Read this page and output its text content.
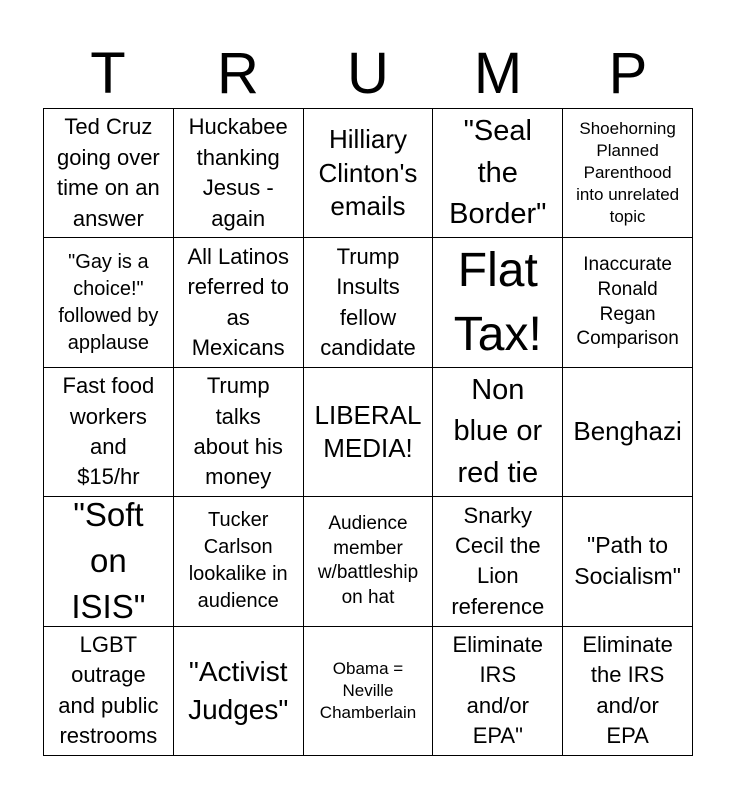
T	R	U	M	P
Ted Cruz
going over
time on an
answer
Huckabee
thanking
Jesus -
again
Hilliary
Clinton's
emails
"Seal
the
Border"
Shoehorning
Planned
Parenthood
into unrelated
topic
"Gay is a
choice!"
followed by
applause
All Latinos
referred to
as
Mexicans
Trump
Insults
fellow
candidate
Flat
Tax!
Inaccurate
Ronald
Regan
Comparison
Fast food
workers
and
$15/hr
Trump
talks
about his
money
LIBERAL
MEDIA!
Non
blue or
red tie
Benghazi
"Soft
on
ISIS"
Tucker
Carlson
lookalike in
audience
Audience
member
w/battleship
on hat
Snarky
Cecil the
Lion
reference
"Path to
Socialism"
LGBT
outrage
and public
restrooms
"Activist
Judges"
Obama =
Neville
Chamberlain
Eliminate
IRS
and/or
EPA"
Eliminate
the IRS
and/or
EPA
